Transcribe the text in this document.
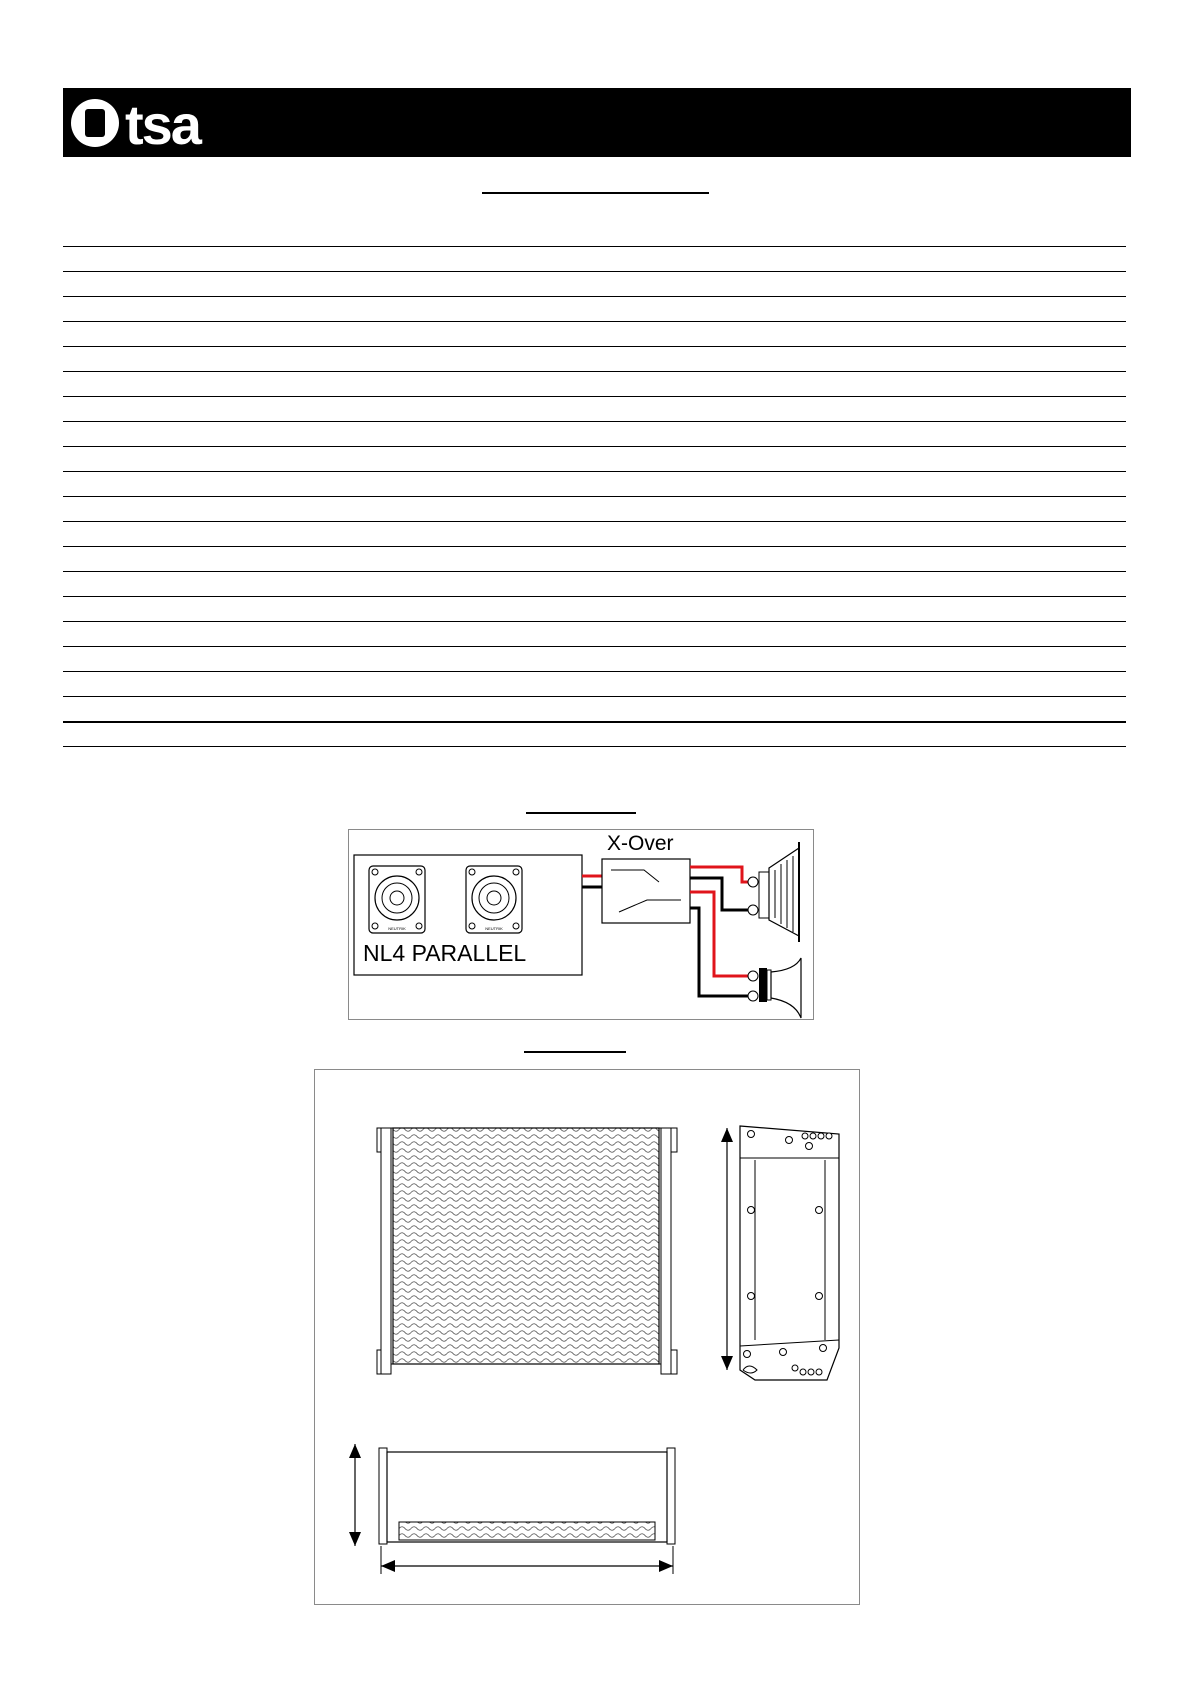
tsa
NEUTRIK	NEUTRIK
NL4 PARALLEL
X-Over
